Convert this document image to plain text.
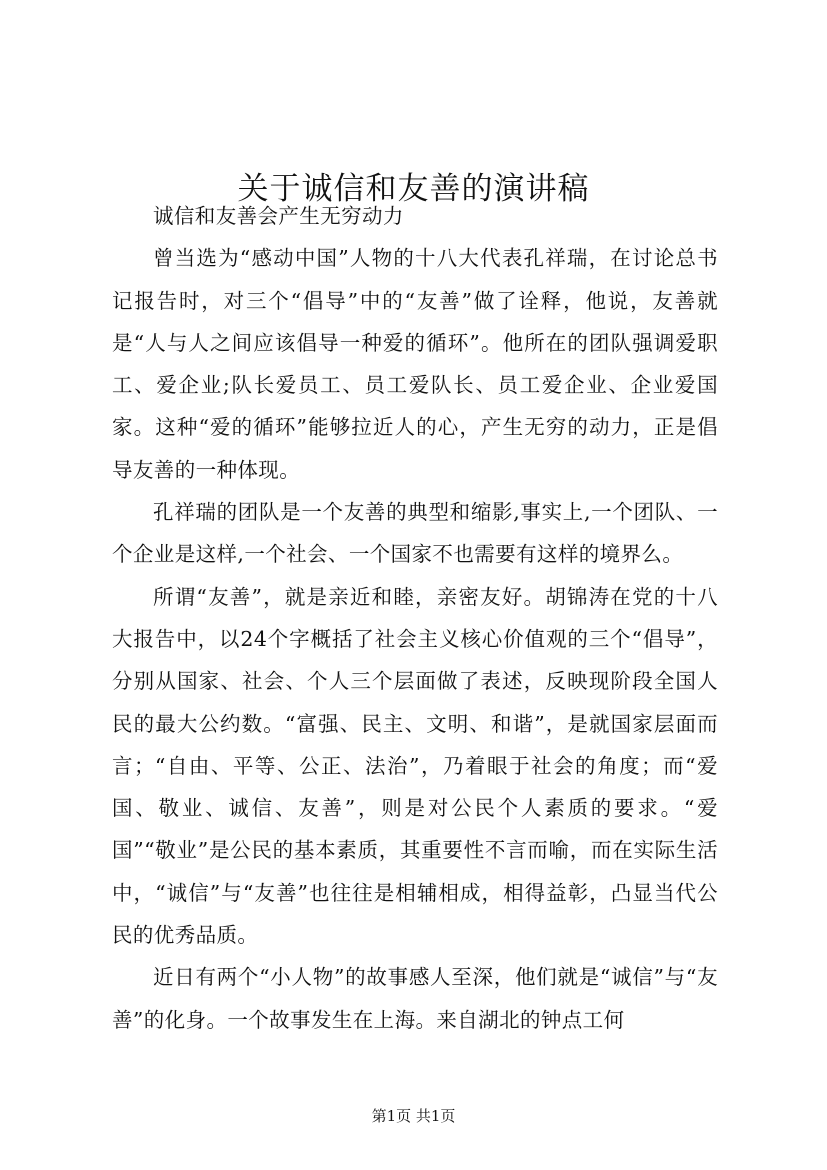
关于诚信和友善的演讲稿

诚信和友善会产生无穷动力

曾当选为“感动中国”人物的十八大代表孔祥瑞，在讨论总书记报告时，对三个“倡导”中的“友善”做了诠释，他说，友善就是“人与人之间应该倡导一种爱的循环”。他所在的团队强调爱职工、爱企业;队长爱员工、员工爱队长、员工爱企业、企业爱国家。这种“爱的循环”能够拉近人的心，产生无穷的动力，正是倡导友善的一种体现。

孔祥瑞的团队是一个友善的典型和缩影,事实上,一个团队、一个企业是这样,一个社会、一个国家不也需要有这样的境界么。

所谓“友善”，就是亲近和睦，亲密友好。胡锦涛在党的十八大报告中，以24个字概括了社会主义核心价值观的三个“倡导”，分别从国家、社会、个人三个层面做了表述，反映现阶段全国人民的最大公约数。“富强、民主、文明、和谐”，是就国家层面而言；“自由、平等、公正、法治”，乃着眼于社会的角度；而“爱国、敬业、诚信、友善”，则是对公民个人素质的要求。“爱国”“敬业”是公民的基本素质，其重要性不言而喻，而在实际生活中，“诚信”与“友善”也往往是相辅相成，相得益彰，凸显当代公民的优秀品质。

近日有两个“小人物”的故事感人至深，他们就是“诚信”与“友善”的化身。一个故事发生在上海。来自湖北的钟点工何

第1页 共1页
